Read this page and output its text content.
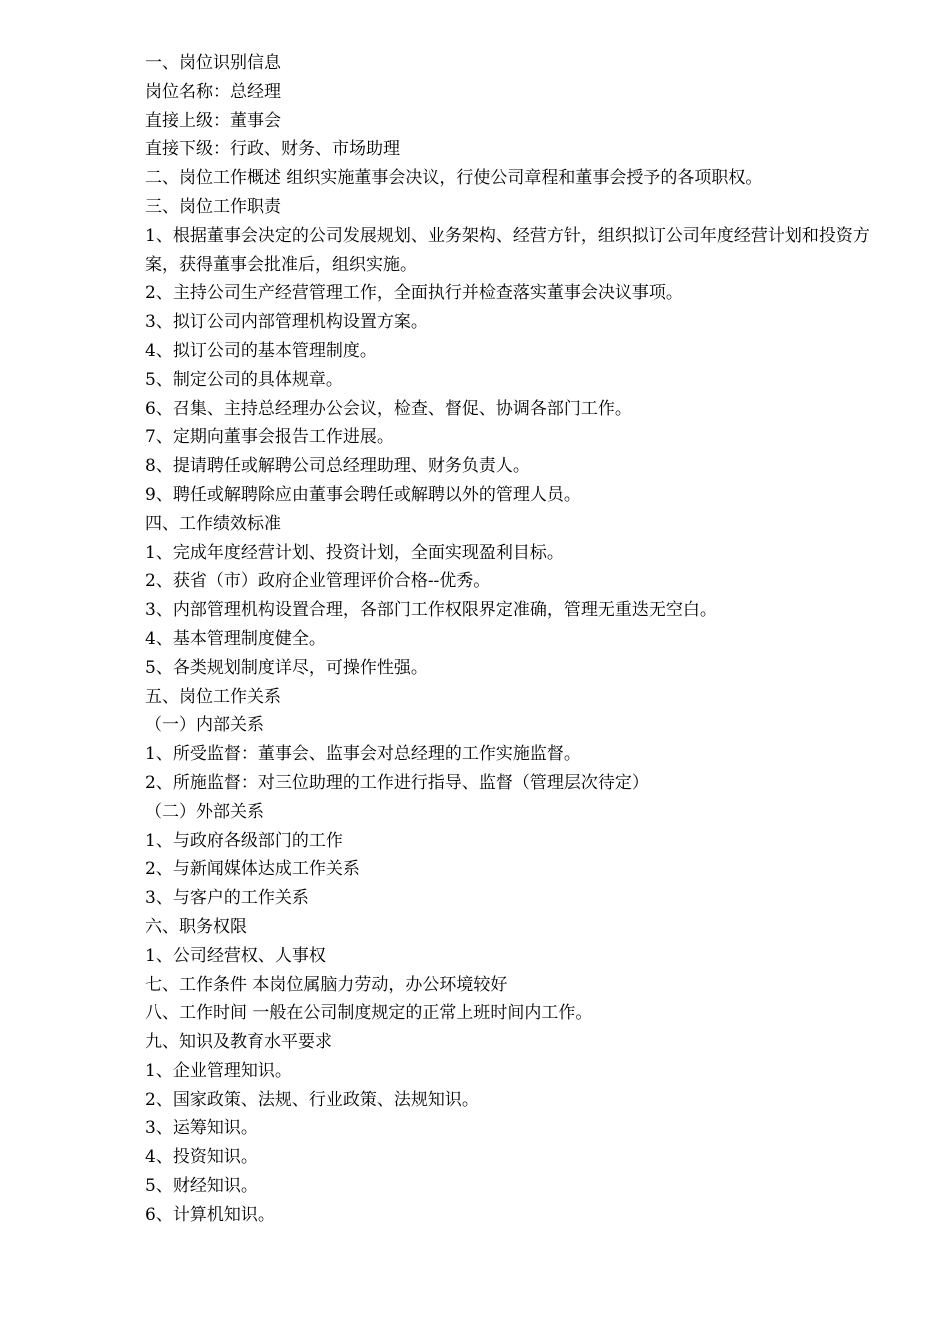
一、岗位识别信息
岗位名称：总经理
直接上级：董事会
直接下级：行政、财务、市场助理
二、岗位工作概述 组织实施董事会决议，行使公司章程和董事会授予的各项职权。
三、岗位工作职责
1、根据董事会决定的公司发展规划、业务架构、经营方针，组织拟订公司年度经营计划和投资方案，获得董事会批准后，组织实施。
2、主持公司生产经营管理工作，全面执行并检查落实董事会决议事项。
3、拟订公司内部管理机构设置方案。
4、拟订公司的基本管理制度。
5、制定公司的具体规章。
6、召集、主持总经理办公会议，检查、督促、协调各部门工作。
7、定期向董事会报告工作进展。
8、提请聘任或解聘公司总经理助理、财务负责人。
9、聘任或解聘除应由董事会聘任或解聘以外的管理人员。
四、工作绩效标准
1、完成年度经营计划、投资计划，全面实现盈利目标。
2、获省（市）政府企业管理评价合格--优秀。
3、内部管理机构设置合理，各部门工作权限界定准确，管理无重迭无空白。
4、基本管理制度健全。
5、各类规划制度详尽，可操作性强。
五、岗位工作关系
（一）内部关系
1、所受监督：董事会、监事会对总经理的工作实施监督。
2、所施监督：对三位助理的工作进行指导、监督（管理层次待定）
（二）外部关系
1、与政府各级部门的工作
2、与新闻媒体达成工作关系
3、与客户的工作关系
六、职务权限
1、公司经营权、人事权
七、工作条件 本岗位属脑力劳动，办公环境较好
八、工作时间 一般在公司制度规定的正常上班时间内工作。
九、知识及教育水平要求
1、企业管理知识。
2、国家政策、法规、行业政策、法规知识。
3、运筹知识。
4、投资知识。
5、财经知识。
6、计算机知识。
